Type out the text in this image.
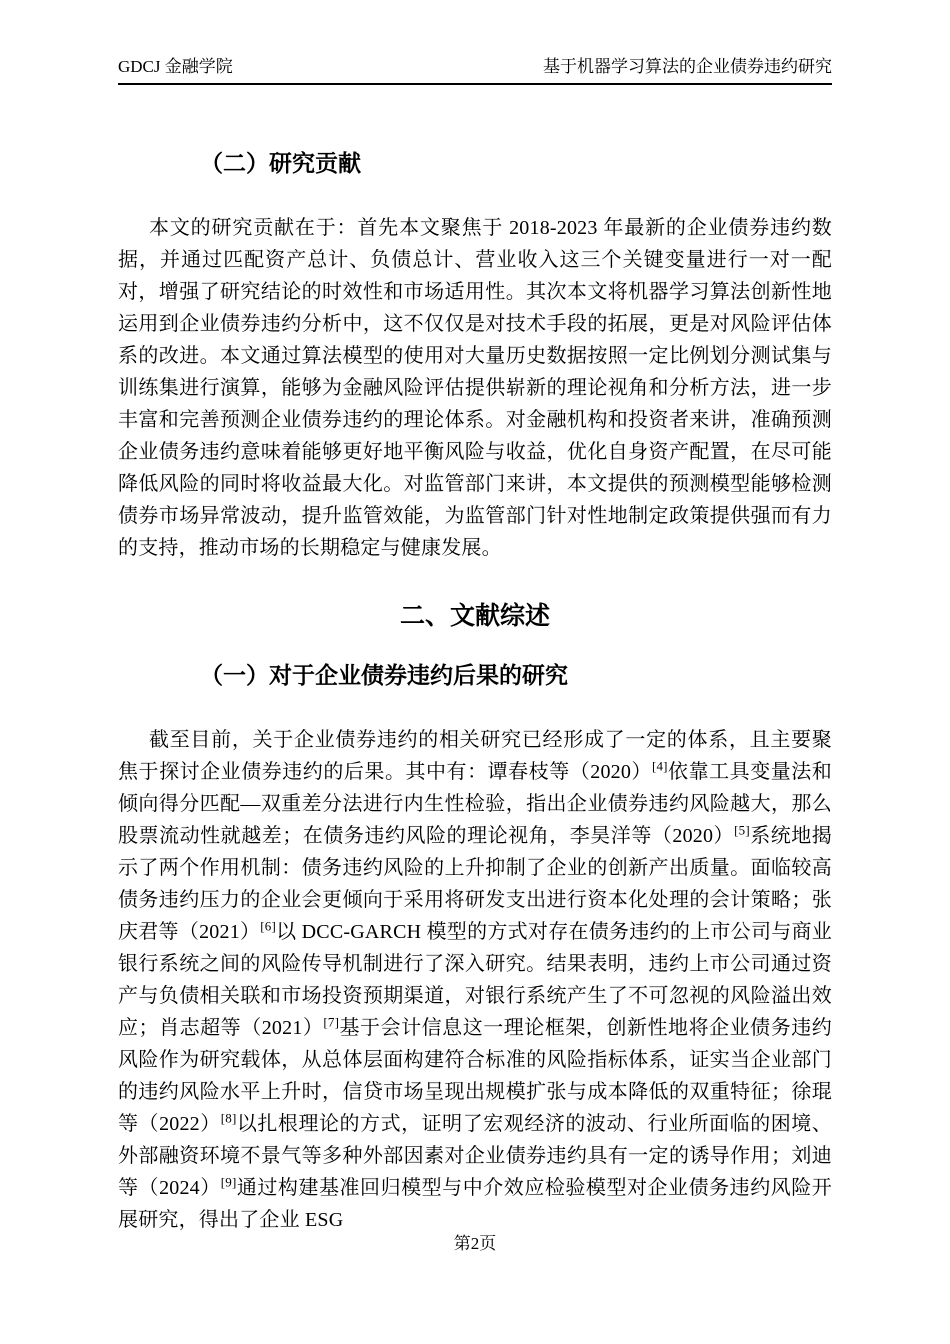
GDCJ 金融学院	基于机器学习算法的企业债券违约研究
（二）研究贡献
本文的研究贡献在于：首先本文聚焦于 2018-2023 年最新的企业债券违约数据，并通过匹配资产总计、负债总计、营业收入这三个关键变量进行一对一配对，增强了研究结论的时效性和市场适用性。其次本文将机器学习算法创新性地运用到企业债券违约分析中，这不仅仅是对技术手段的拓展，更是对风险评估体系的改进。本文通过算法模型的使用对大量历史数据按照一定比例划分测试集与训练集进行演算，能够为金融风险评估提供崭新的理论视角和分析方法，进一步丰富和完善预测企业债券违约的理论体系。对金融机构和投资者来讲，准确预测企业债务违约意味着能够更好地平衡风险与收益，优化自身资产配置，在尽可能降低风险的同时将收益最大化。对监管部门来讲，本文提供的预测模型能够检测债券市场异常波动，提升监管效能，为监管部门针对性地制定政策提供强而有力的支持，推动市场的长期稳定与健康发展。
二、文献综述
（一）对于企业债券违约后果的研究
截至目前，关于企业债券违约的相关研究已经形成了一定的体系，且主要聚焦于探讨企业债券违约的后果。其中有：谭春枝等（2020）[4]依靠工具变量法和倾向得分匹配—双重差分法进行内生性检验，指出企业债券违约风险越大，那么股票流动性就越差；在债务违约风险的理论视角，李昊洋等（2020）[5]系统地揭示了两个作用机制：债务违约风险的上升抑制了企业的创新产出质量。面临较高债务违约压力的企业会更倾向于采用将研发支出进行资本化处理的会计策略；张庆君等（2021）[6]以 DCC-GARCH 模型的方式对存在债务违约的上市公司与商业银行系统之间的风险传导机制进行了深入研究。结果表明，违约上市公司通过资产与负债相关联和市场投资预期渠道，对银行系统产生了不可忽视的风险溢出效应；肖志超等（2021）[7]基于会计信息这一理论框架，创新性地将企业债务违约风险作为研究载体，从总体层面构建符合标准的风险指标体系，证实当企业部门的违约风险水平上升时，信贷市场呈现出规模扩张与成本降低的双重特征；徐琨等（2022）[8]以扎根理论的方式，证明了宏观经济的波动、行业所面临的困境、外部融资环境不景气等多种外部因素对企业债券违约具有一定的诱导作用；刘迪等（2024）[9]通过构建基准回归模型与中介效应检验模型对企业债务违约风险开展研究，得出了企业 ESG
第2页
